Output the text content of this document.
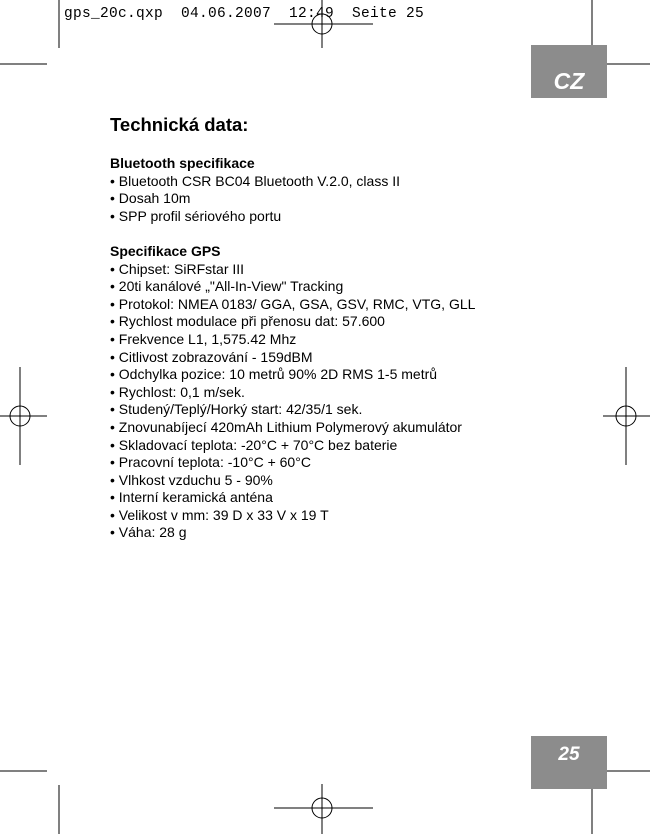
gps_20c.qxp  04.06.2007  12:49  Seite 25
CZ
25
Technická data:
Bluetooth specifikace
• Bluetooth CSR BC04 Bluetooth V.2.0, class II
• Dosah 10m
• SPP profil sériového portu
Specifikace GPS
• Chipset: SiRFstar III
• 20ti kanálové „"All-In-View" Tracking
• Protokol: NMEA 0183/ GGA, GSA, GSV, RMC, VTG, GLL
• Rychlost modulace při přenosu dat: 57.600
• Frekvence L1, 1,575.42 Mhz
• Citlivost zobrazování - 159dBM
• Odchylka pozice: 10 metrů 90% 2D RMS 1-5 metrů
• Rychlost: 0,1 m/sek.
• Studený/Teplý/Horký start: 42/35/1 sek.
• Znovunabíjecí 420mAh Lithium Polymerový akumulátor
• Skladovací teplota: -20°C + 70°C bez baterie
• Pracovní teplota: -10°C + 60°C
• Vlhkost vzduchu 5 - 90%
• Interní keramická anténa
• Velikost v mm: 39 D x 33 V x 19 T
• Váha: 28 g
